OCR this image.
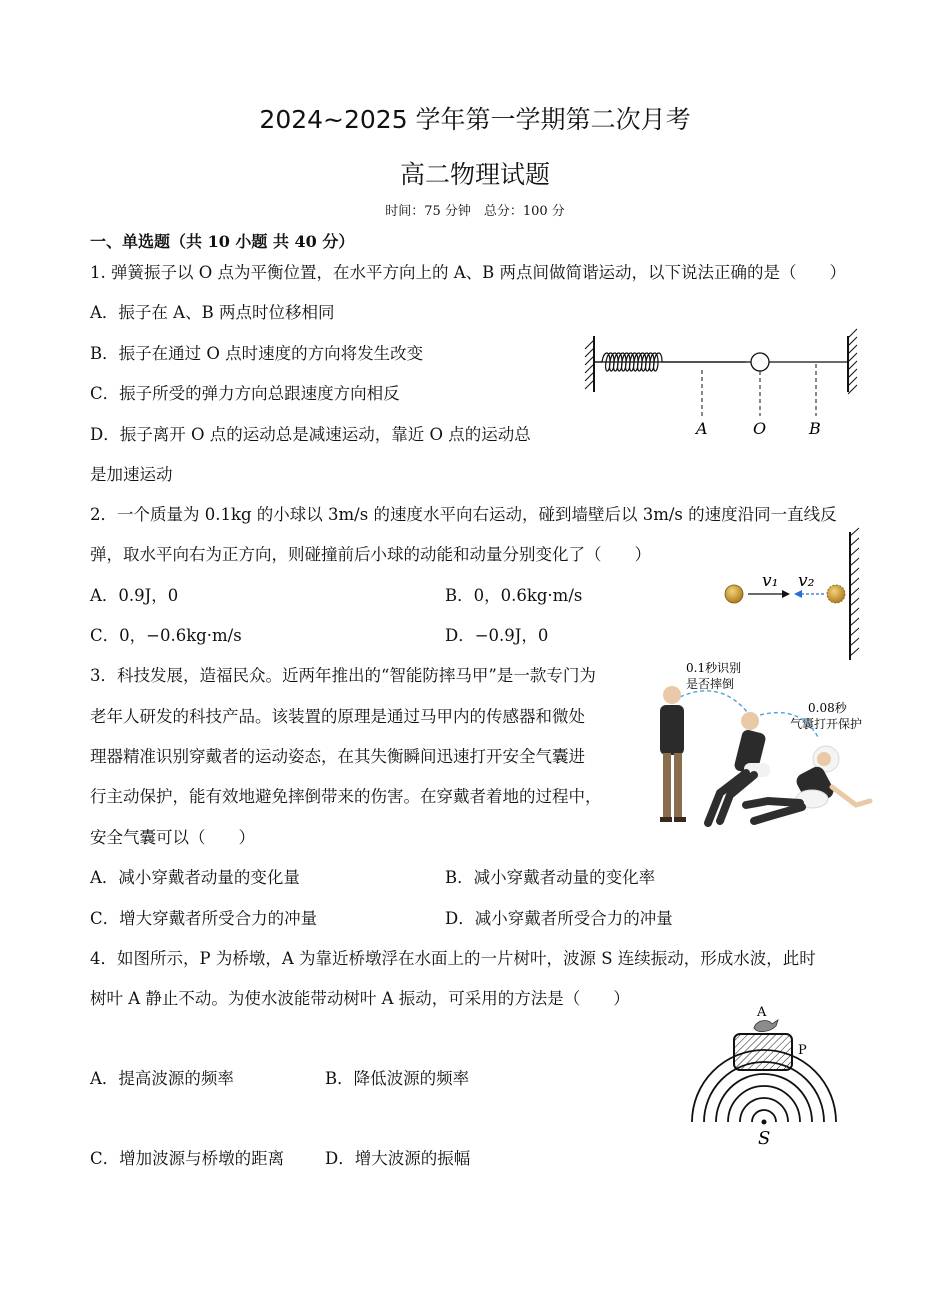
2024~2025 学年第一学期第二次月考
高二物理试题
时间：75 分钟　总分：100 分
一、单选题（共 10 小题 共 40 分）
1. 弹簧振子以 O 点为平衡位置，在水平方向上的 A、B 两点间做简谐运动，以下说法正确的是（　　）
A．振子在 A、B 两点时位移相同
B．振子在通过 O 点时速度的方向将发生改变
C．振子所受的弹力方向总跟速度方向相反
D．振子离开 O 点的运动总是减速运动，靠近 O 点的运动总
是加速运动
A	O	B
2．一个质量为 0.1kg 的小球以 3m/s 的速度水平向右运动，碰到墙壁后以 3m/s 的速度沿同一直线反
弹，取水平向右为正方向，则碰撞前后小球的动能和动量分别变化了（　　）
A．0.9J，0	B．0，0.6kg·m/s
C．0，−0.6kg·m/s	D．−0.9J，0
v₁ v₂
3．科技发展，造福民众。近两年推出的“智能防摔马甲”是一款专门为
老年人研发的科技产品。该装置的原理是通过马甲内的传感器和微处
理器精准识别穿戴者的运动姿态，在其失衡瞬间迅速打开安全气囊进
行主动保护，能有效地避免摔倒带来的伤害。在穿戴者着地的过程中，
安全气囊可以（　　）
A．减小穿戴者动量的变化量	B．减小穿戴者动量的变化率
C．增大穿戴者所受合力的冲量	D．减小穿戴者所受合力的冲量
0.1秒识别
是否摔倒
0.08秒
气囊打开保护
4．如图所示，P 为桥墩，A 为靠近桥墩浮在水面上的一片树叶，波源 S 连续振动，形成水波，此时
树叶 A 静止不动。为使水波能带动树叶 A 振动，可采用的方法是（　　）
A．提高波源的频率	B．降低波源的频率
C．增加波源与桥墩的距离 D．增大波源的振幅
A
P
S
